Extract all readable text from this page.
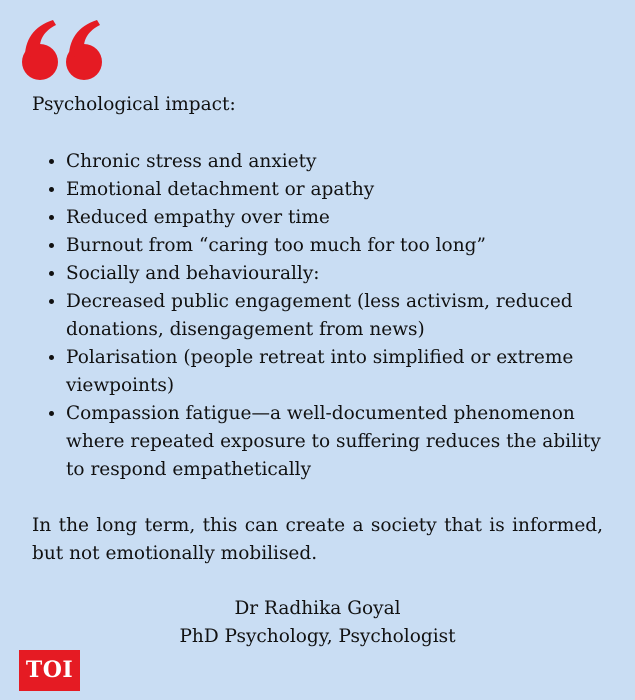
Psychological impact:

• Chronic stress and anxiety
• Emotional detachment or apathy
• Reduced empathy over time
• Burnout from “caring too much for too long”
• Socially and behaviourally:
• Decreased public engagement (less activism, reduced donations, disengagement from news)
• Polarisation (people retreat into simplified or extreme viewpoints)
• Compassion fatigue—a well-documented phenomenon where repeated exposure to suffering reduces the ability to respond empathetically

In the long term, this can create a society that is informed, but not emotionally mobilised.

Dr Radhika Goyal
PhD Psychology, Psychologist
TOI
